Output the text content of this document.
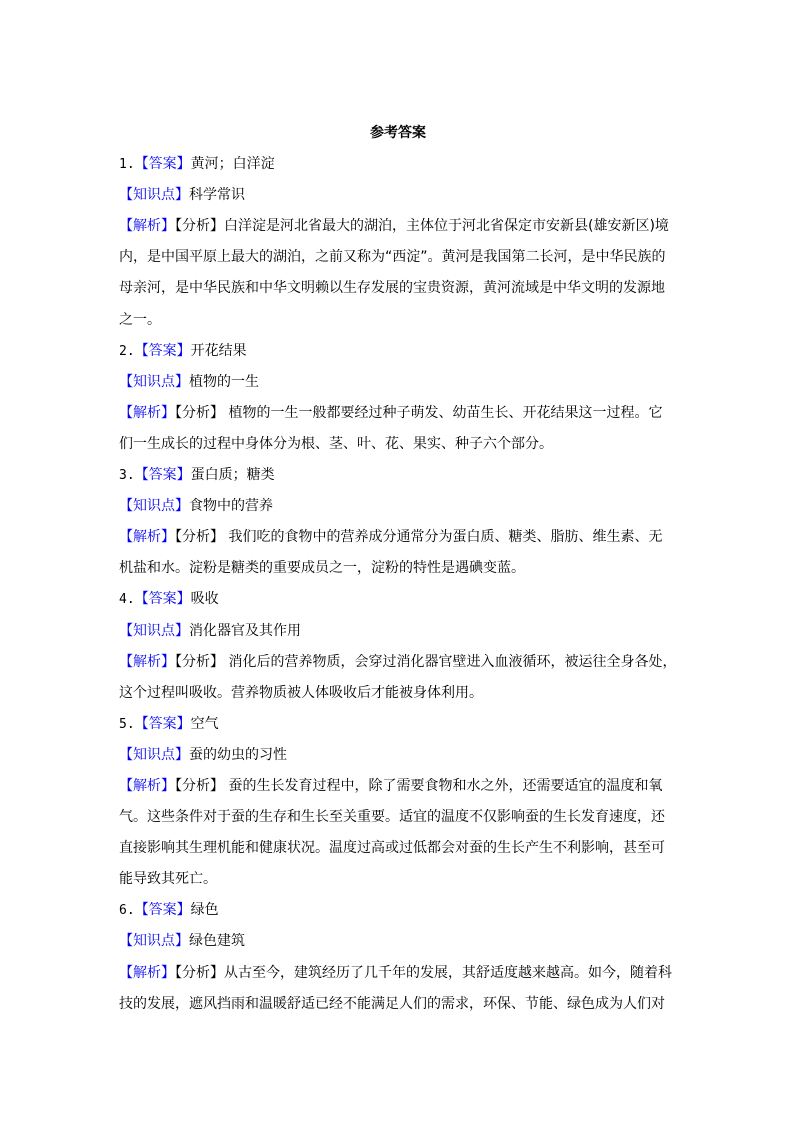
参考答案
1.【答案】黄河；白洋淀
【知识点】科学常识
【解析】【分析】白洋淀是河北省最大的湖泊，主体位于河北省保定市安新县(雄安新区)境
内，是中国平原上最大的湖泊，之前又称为“西淀”。黄河是我国第二长河，是中华民族的
母亲河，是中华民族和中华文明赖以生存发展的宝贵资源，黄河流域是中华文明的发源地
之一。
2.【答案】开花结果
【知识点】植物的一生
【解析】【分析】 植物的一生一般都要经过种子萌发、幼苗生长、开花结果这一过程。它
们一生成长的过程中身体分为根、茎、叶、花、果实、种子六个部分。
3.【答案】蛋白质；糖类
【知识点】食物中的营养
【解析】【分析】 我们吃的食物中的营养成分通常分为蛋白质、糖类、脂肪、维生素、无
机盐和水。淀粉是糖类的重要成员之一，淀粉的特性是遇碘变蓝。
4.【答案】吸收
【知识点】消化器官及其作用
【解析】【分析】 消化后的营养物质，会穿过消化器官壁进入血液循环，被运往全身各处，
这个过程叫吸收。营养物质被人体吸收后才能被身体利用。
5.【答案】空气
【知识点】蚕的幼虫的习性
【解析】【分析】 蚕的生长发育过程中，除了需要食物和水之外，还需要适宜的温度和氧
气。这些条件对于蚕的生存和生长至关重要。适宜的温度不仅影响蚕的生长发育速度，还
直接影响其生理机能和健康状况。温度过高或过低都会对蚕的生长产生不利影响，甚至可
能导致其死亡。
6.【答案】绿色
【知识点】绿色建筑
【解析】【分析】从古至今，建筑经历了几千年的发展，其舒适度越来越高。如今，随着科
技的发展，遮风挡雨和温暖舒适已经不能满足人们的需求，环保、节能、绿色成为人们对
